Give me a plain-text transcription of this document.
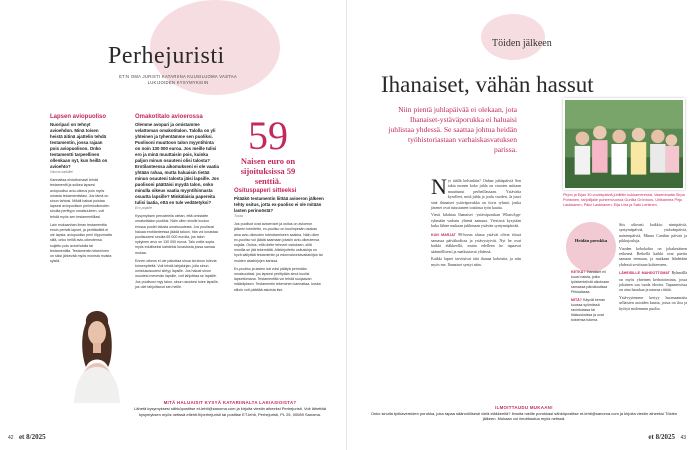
Perhejuristi
ET:N OMA JURISTI KATARIINA KUUSILUOMA VASTAA LUKIJOIDEN KYSYMYKSIIN
Lapsen aviopuoliso
Nuoripari on tehnyt avioehdon. Minä toisen heistä äitinä ajattelin tehdä testamentin, jossa rajaan pois aviopuolison. Onko testamentti tarpeellinen ollenkaan nyt, kun heillä on avioehto?
Varma kaikille!
Kannattaa ehdottomasti tehdä testamentti ja sulkea lapsesi aviopuoliso avio-oikeus pois myös omasta testamentistasi. Jos tämä on sinun tahtosi. Mikäli haluat poistaa lapsesi aviopuolison perimisoikeuden sinulta perittyyn omaisuuteen, voit tehdä myös sen testamentilllasi.
Lain mukaanhan ilman testamenttia ensin perivät lapset, ja perittävältä ei ole lapsia, aviopuoliso perii rilppumatta siitä, onko heillä avio-oikeutensa suljettu pois avioehdolla tai testamentilla. Testamentin tekeminen on siksi järkevää myös monista muista syistä.
Omakotitalo avioerossa
Olemme avopari ja omistamme velattoman omakotitalon. Talolla on yli yhteinen ja tyhentämme sen puoliksi. Puolisoni muuttoon talon myyntihinta on noin 130 000 euroa. Jos meille tulisi ero ja minä muuttaisin pois, kuinka paljon minun osuuteni olisi talosta? Erotilanteessa aikomukseni ei ole vaatia yhtään rahaa, mutta haluaisin tietää minun osuuteni talosta jäisi lapsille. Jos puolisoni päättäisi myydä talon, onko minulla oikeus vaatia myyntihinnasta osuutta lapsille? Minkälaisia papereita tulisi laatia, että en tule vedätetyksi?
Ero pojalle
Kysymyksen perusteella oletan, että omistatte omakotitalon puoliksi. Näin ollen sinulle kuuluu erossa puolet talosta omaisuudesta. Jos puolisosi haluaa erotilanteessa jäädä taloon, hän voi lunastaa puolisuutesi sinulta 65 000 eurolla, jos talon nykyinen arvo on 130 000 euroa. Talo voitte sopia myös edulliseksi kahdeksi lunastusta jossa samaa mukaa.
Ennen oikeus ei ole pakottaa sinua tai sinun tulevia toimenpiteitä. Voit tehdä lahjakirjan, jolla sinun omistusosuutesi siirtyy lapsille. Jos haluat sinun osuutesi menevän lapsille, voit lahjoittaa se lapsille. Jos puolisosi myy talon, sinun osuutesi tulee lapsille, jos olet lahjoittanut sen heille.
59
Naisen euro on sijoituksissa 59 senttiä.
Osituspaperi sitteeksi
Pitääkö testamentin liittää avioeron jälkeen tehty ositus, jotta ex-puoliso ei ole mitään lasten perinnöstä?
Tuuta
Jos puolisot ovat avioeroset ja ositus on avioeron jälkeen toimitettu, ex-puoliso on kuolinpesän osakas aina avio-oikeuden toteuttamiseen saakka. Näin ollen ex-puoliso voi jäädä saamaan jotakin avio-oikeutensa nojalla. Ositus, että olette tehneet osituksen, sillä monilla se jää tekemättä. Allekirjoitettu osituskirja on hyvä säilyttää testamentin ja edunvalvontavaltakirjan tai muiden asiakirjojen kanssa.
Ex-puoliso ja lasten isä voisi päätyä perimään omaisuuttasi, jos lapsesi perittyään sinut kuolisi lapsettomana. Testamentilla voi tehdä suojaavan määräyksen. Testamentin tekeminen kannattaa, koska silloin voit päättää asioista itse.
MITÄ HALUAISIT KYSYÄ KATARIINALTA LAKIASIOISTA?
Lähetä kysymyksesi sähköpostitse et-lehti@sanoma.com ja kirjoita viestin aiheeksi Perhejuristi. Voit lähettää kysymyksen myös netissä etlehti.fi/perhejuristi tai postitse ET-lehti, Perhejuristi, PL 25, 00089 Sanoma.
42 et 8/2025
Töiden jälkeen
Ihanaiset, vähän hassut
Niin pientä juhlapäivää ei olekaan, jota Ihanaiset-ystäväporukka ei haluaisi juhlistaa yhdessä. Se saattaa johtua heidän työhistoriastaan varhaiskasvatuksen parissa.
Pirjon ja Eijan 30-vuotispäiviä juhlittiin kukkameressä. Vasemmalta Sirpa Pohtonen, tarjoilijalle puheenvuoroa Gunilla Grönroos, Ulrikannea Pirjo Laukkanen, Päivi Laukkanen, Eija Liira ja Satu Lehtinen.
N yt täällä helsinkiin? Onhan juhlapäiviä Sen takia monen koko juhla on vuosien mittaan muuttunut perheillassaan. Ystävätta kyselleet, mitä juhla ja joulu vuoden. Ja juuri sinä ihanaiset ystäväporukka on tiivis ryhmä, jonka jäsenet ovat tutustuneet toisiinsa työn kautta.

Viesti kilahtaa Ihanaiset -ystäväporukan WhatsApp-ryhmään varhain yhtenä aamuna. Viestissä kysytään kuka lähtee mukaan juhlimaan ystävän syntymäpäivää.

KUN MARJAT 90-luvun alussa ystävät olivat töissä samassa päiväkodissa ja ystävystyivät. Nyt he ovat kaikki eläkkeellä, mutta edelleen he tapaavat säännöllisesti ja matkustavat yhdessä.

Kaikki lapset tarvitsivat tätä ihanaa kokeutta, ja niin myös me. Ihanaiset syntyi näin.

Heidän porukka

KETKÄ? Ihanaiset eli kuusi naista, jotka työskentelivät aikoinaan samassa päiväkodissa Pirkkalassa.

MITÄ? Käyvät kerran kuussa syömässä ravintolassa tai tilaisuuksissa ja ovat toistensa tukena.

Siis oikeasti kaikkia: nimipäiviä, syntymäpäiviä, ystävänpäiviä, naistenpäiviä, Minna Canthin päivää ja pikkujouluja.

Vuoden kohokohta on jokakesäinen retkensä. Retkellä kaikki ovat puettu samaan teemaan, ja matkaan lähdetään yhdessä sovittuun kohteeseen.

LÄHEISILLE MAHDOTTOMAT Ryhmällä on myös yhteinen kerhotoiminta, jossa jokainen saa tuoda ideoita. Tapaamisissa on aina hauskaa ja naurua riittää.

Ystävyytemme kertyy huomaamatta sellaisten asioiden kautta, joista on iloa ja hyötyä molemmin puolin.

ILMOITTAUDU MUKAAN!
Onko sinulla työkavereiden porukka, joka tapaa säännöllisesti vielä eläkkeellä? Ilmoita meille porukkasi sähköpostitse et-lehti@sanoma.com ja kirjoita viestin aiheeksi Töiden jälkeen. Mukaan voi ilmoittautua myös netissä.
et 8/2025 43
